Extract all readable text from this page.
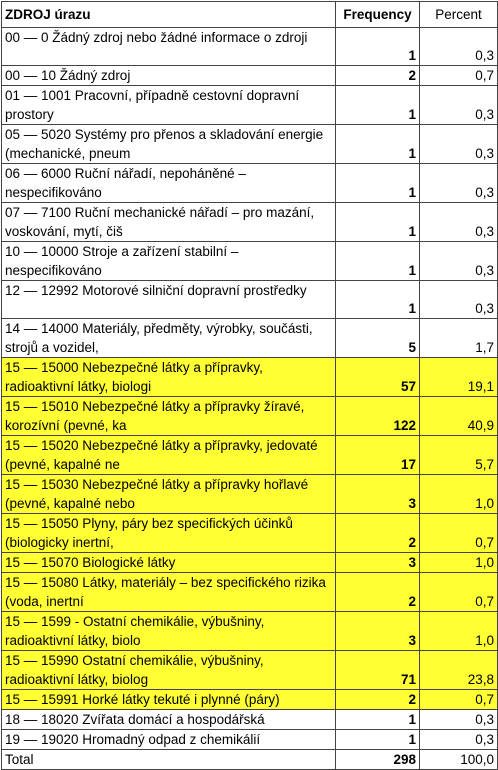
ZDROJ úrazu	Frequency	Percent
00 — 0 Žádný zdroj nebo žádné informace o zdroji	1	0,3
00 — 10 Žádný zdroj	2	0,7
01 — 1001 Pracovní, případně cestovní dopravní prostory	1	0,3
05 — 5020 Systémy pro přenos a skladování energie (mechanické, pneum	1	0,3
06 — 6000 Ruční nářadí, nepoháněné – nespecifikováno	1	0,3
07 — 7100 Ruční mechanické nářadí – pro mazání, voskování, mytí, čiš	1	0,3
10 — 10000 Stroje a zařízení stabilní – nespecifikováno	1	0,3
12 — 12992 Motorové silniční dopravní prostředky	1	0,3
14 — 14000 Materiály, předměty, výrobky, součásti, strojů a vozidel,	5	1,7
15 — 15000 Nebezpečné látky a přípravky, radioaktivní látky, biologi	57	19,1
15 — 15010 Nebezpečné látky a přípravky žíravé, korozívní (pevné, ka	122	40,9
15 — 15020 Nebezpečné látky a přípravky, jedovaté (pevné, kapalné ne	17	5,7
15 — 15030 Nebezpečné látky a přípravky hořlavé (pevné, kapalné nebo	3	1,0
15 — 15050 Plyny, páry bez specifických účinků (biologicky inertní,	2	0,7
15 — 15070 Biologické látky	3	1,0
15 — 15080 Látky, materiály – bez specifického rizika (voda, inertní	2	0,7
15 — 1599 - Ostatní chemikálie, výbušniny, radioaktivní látky, biolo	3	1,0
15 — 15990 Ostatní chemikálie, výbušniny, radioaktivní látky, biolog	71	23,8
15 — 15991 Horké látky tekuté i plynné (páry)	2	0,7
18 — 18020 Zvířata domácí a hospodářská	1	0,3
19 — 19020 Hromadný odpad z chemikálií	1	0,3
Total	298	100,0
